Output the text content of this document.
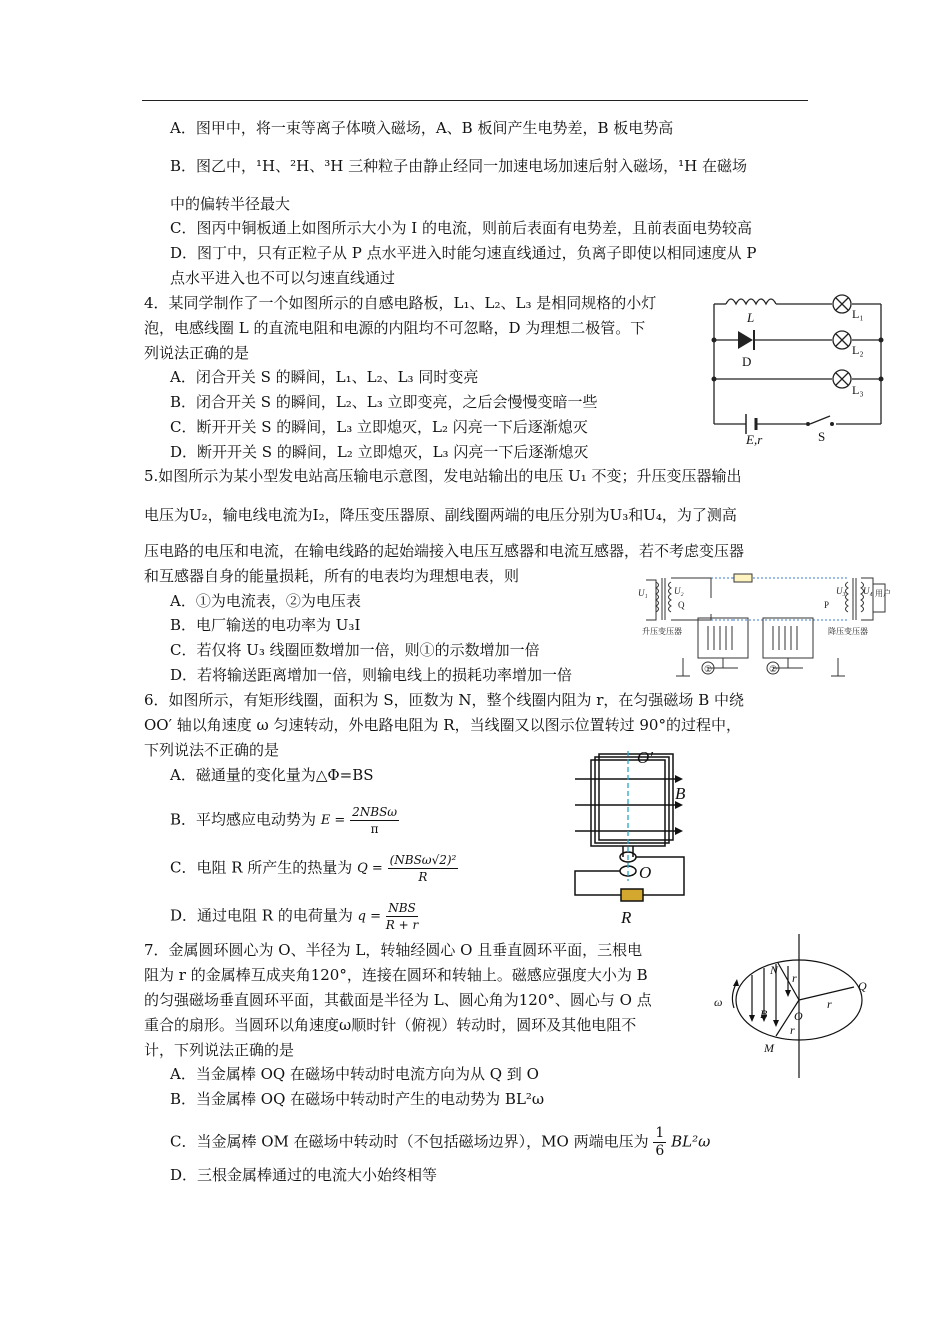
A．图甲中，将一束等离子体喷入磁场，A、B 板间产生电势差，B 板电势高
B．图乙中，¹H、²H、³H 三种粒子由静止经同一加速电场加速后射入磁场，¹H 在磁场
中的偏转半径最大
C．图丙中铜板通上如图所示大小为 I 的电流，则前后表面有电势差，且前表面电势较高
D．图丁中，只有正粒子从 P 点水平进入时能匀速直线通过，负离子即使以相同速度从 P
点水平进入也不可以匀速直线通过
4．某同学制作了一个如图所示的自感电路板，L₁、L₂、L₃ 是相同规格的小灯
泡，电感线圈 L 的直流电阻和电源的内阻均不可忽略，D 为理想二极管。下
列说法正确的是
A．闭合开关 S 的瞬间，L₁、L₂、L₃ 同时变亮
B．闭合开关 S 的瞬间，L₂、L₃ 立即变亮，之后会慢慢变暗一些
C．断开开关 S 的瞬间，L₃ 立即熄灭，L₂ 闪亮一下后逐渐熄灭
D．断开开关 S 的瞬间，L₂ 立即熄灭，L₃ 闪亮一下后逐渐熄灭
L
D
E,r
L₁
L₂
L₃
S
5.如图所示为某小型发电站高压输电示意图，发电站输出的电压 U₁ 不变；升压变压器输出
电压为U₂，输电线电流为I₂，降压变压器原、副线圈两端的电压分别为U₃和U₄，为了测高
压电路的电压和电流，在输电线路的起始端接入电压互感器和电流互感器，若不考虑变压器
和互感器自身的能量损耗，所有的电表均为理想电表，则
A．①为电流表，②为电压表
B．电厂输送的电功率为 U₃I
C．若仅将 U₃ 线圈匝数增加一倍，则①的示数增加一倍
D．若将输送距离增加一倍，则输电线上的损耗功率增加一倍
U₁	U₂
Q
U₃ U₄
P
用户
升压变压器	降压变压器
①	②
6．如图所示，有矩形线圈，面积为 S，匝数为 N，整个线圈内阻为 r，在匀强磁场 B 中绕
OO′ 轴以角速度 ω 匀速转动，外电路电阻为 R，当线圈又以图示位置转过 90°的过程中，
下列说法不正确的是
A．磁通量的变化量为△Φ=BS
B．平均感应电动势为 E =
2NBSω
π
C．电阻 R 所产生的热量为 Q =
(NBSω√2)²
R
D．通过电阻 R 的电荷量为 q =
NBS
R + r
O′
B
O
R
7．金属圆环圆心为 O、半径为 L，转轴经圆心 O 且垂直圆环平面，三根电
阻为 r 的金属棒互成夹角120°，连接在圆环和转轴上。磁感应强度大小为 B
的匀强磁场垂直圆环平面，其截面是半径为 L、圆心角为120°、圆心与 O 点
重合的扇形。当圆环以角速度ω顺时针（俯视）转动时，圆环及其他电阻不
计，下列说法正确的是
A．当金属棒 OQ 在磁场中转动时电流方向为从 Q 到 O
B．当金属棒 OQ 在磁场中转动时产生的电动势为 BL²ω
C．当金属棒 OM 在磁场中转动时（不包括磁场边界），MO 两端电压为 $\frac{1}{6} BL^2\omega$
D．三根金属棒通过的电流大小始终相等
N
Q
O
M
B
r
r
r
ω
